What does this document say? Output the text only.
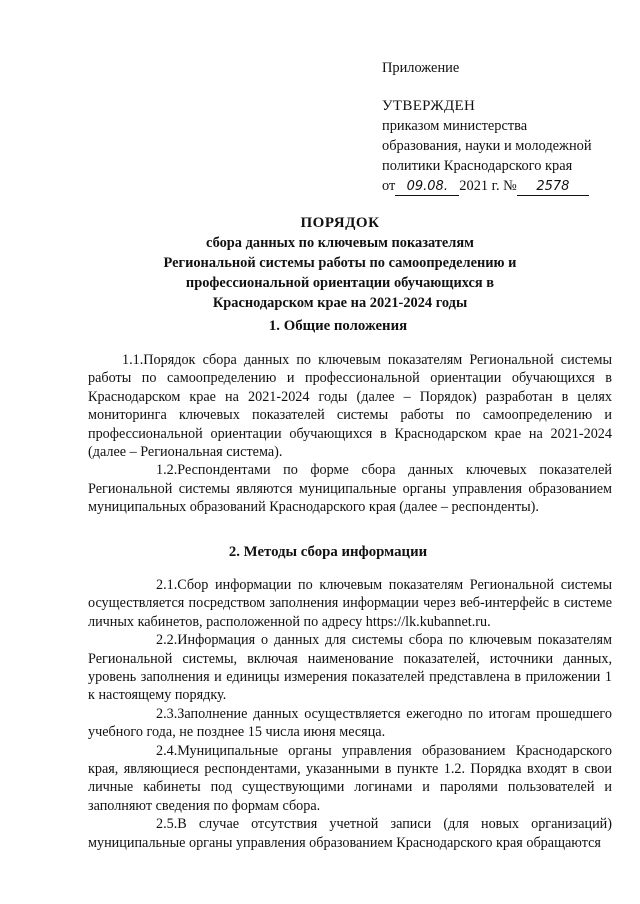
Приложение
УТВЕРЖДЕН
приказом министерства
образования, науки и молодежной
политики Краснодарского края
от 09.08. 2021 г. № 2578
ПОРЯДОК
сбора данных по ключевым показателям
Региональной системы работы по самоопределению и
профессиональной ориентации обучающихся в
Краснодарском крае на 2021-2024 годы
1. Общие положения

1.1.Порядок сбора данных по ключевым показателям Региональной системы работы по самоопределению и профессиональной ориентации обучающихся в Краснодарском крае на 2021-2024 годы (далее – Порядок) разработан в целях мониторинга ключевых показателей системы работы по самоопределению и профессиональной ориентации обучающихся в Краснодарском крае на 2021-2024 (далее – Региональная система).

1.2.Респондентами по форме сбора данных ключевых показателей Региональной системы являются муниципальные органы управления образованием муниципальных образований Краснодарского края (далее – респонденты).

2. Методы сбора информации

2.1.Сбор информации по ключевым показателям Региональной системы осуществляется посредством заполнения информации через веб-интерфейс в системе личных кабинетов, расположенной по адресу https://lk.kubannet.ru.

2.2.Информация о данных для системы сбора по ключевым показателям Региональной системы, включая наименование показателей, источники данных, уровень заполнения и единицы измерения показателей представлена в приложении 1 к настоящему порядку.

2.3.Заполнение данных осуществляется ежегодно по итогам прошедшего учебного года, не позднее 15 числа июня месяца.

2.4.Муниципальные органы управления образованием Краснодарского края, являющиеся респондентами, указанными в пункте 1.2. Порядка входят в свои личные кабинеты под существующими логинами и паролями пользователей и заполняют сведения по формам сбора.

2.5.В случае отсутствия учетной записи (для новых организаций) муниципальные органы управления образованием Краснодарского края обращаются
